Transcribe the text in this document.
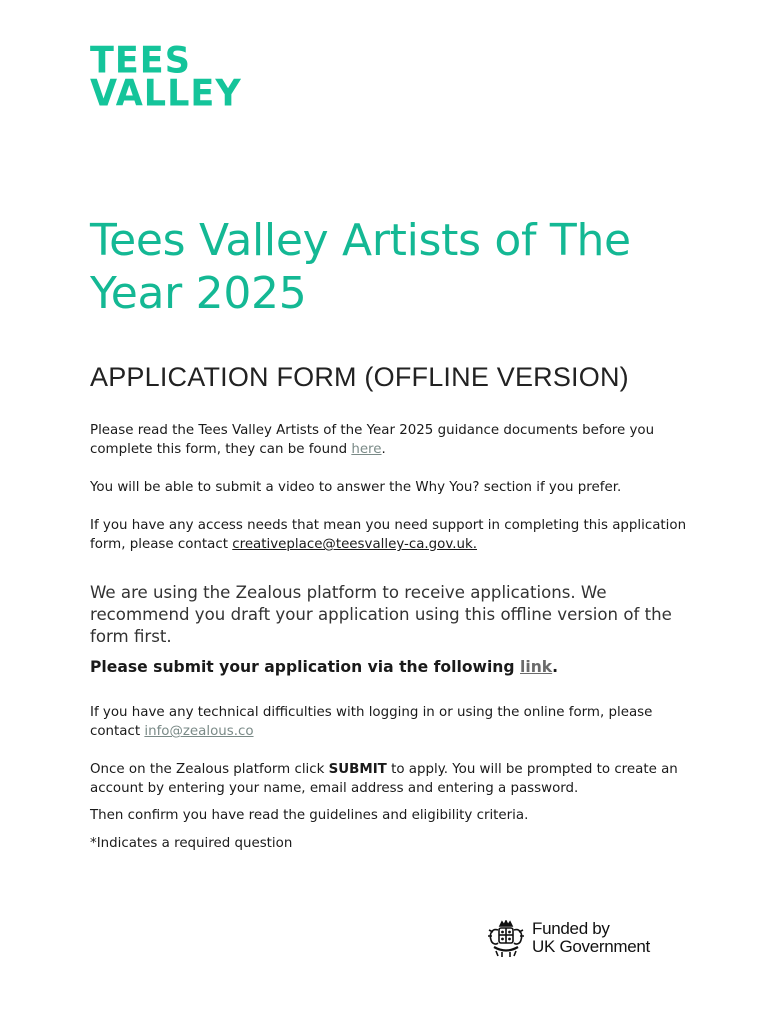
TEES
VALLEY
Tees Valley Artists of The Year 2025
APPLICATION FORM (OFFLINE VERSION)

Please read the Tees Valley Artists of the Year 2025 guidance documents before you complete this form, they can be found here.

You will be able to submit a video to answer the Why You? section if you prefer.

If you have any access needs that mean you need support in completing this application form, please contact creativeplace@teesvalley-ca.gov.uk.

We are using the Zealous platform to receive applications. We recommend you draft your application using this offline version of the form first.

Please submit your application via the following link.

If you have any technical difficulties with logging in or using the online form, please contact info@zealous.co

Once on the Zealous platform click SUBMIT to apply. You will be prompted to create an account by entering your name, email address and entering a password.

Then confirm you have read the guidelines and eligibility criteria.

*Indicates a required question

Funded by
UK Government
